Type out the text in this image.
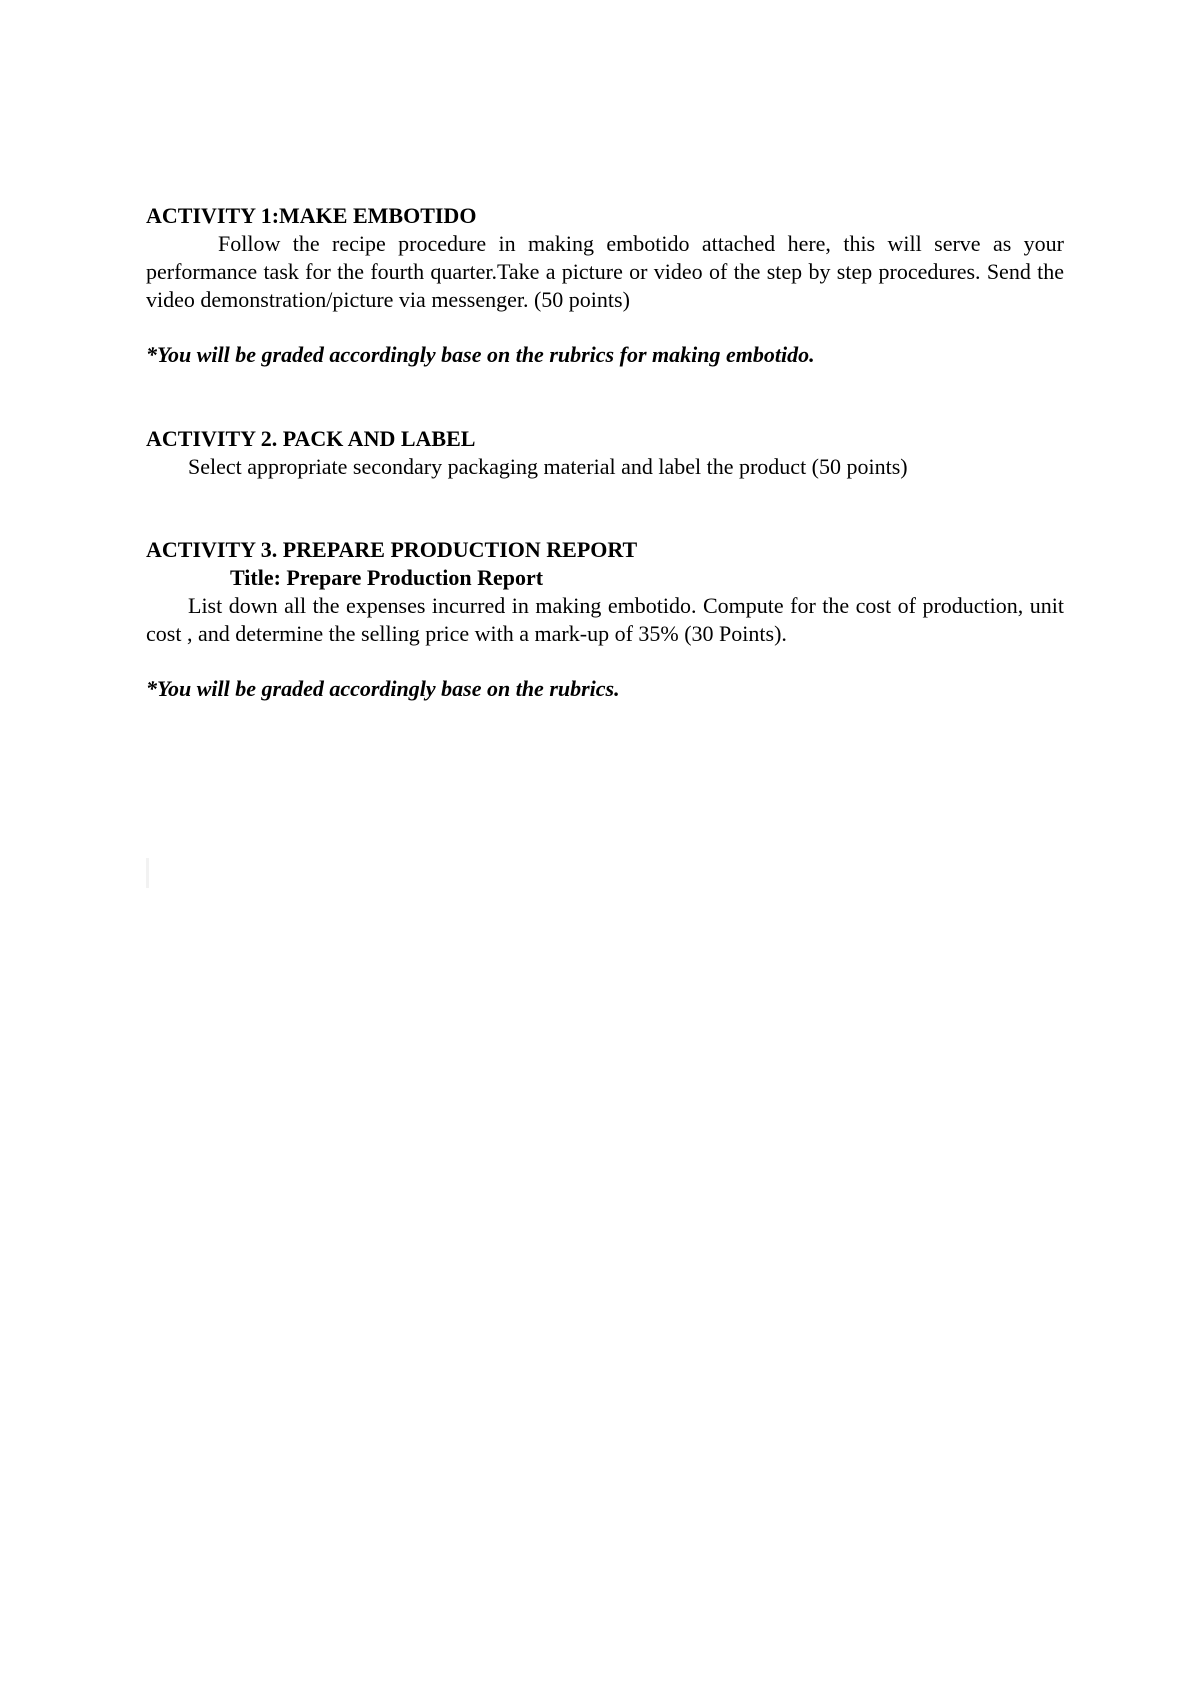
ACTIVITY 1:MAKE EMBOTIDO

Follow the recipe procedure in making embotido attached here, this will serve as your performance task for the fourth quarter.Take a picture or video of the step by step procedures. Send the video demonstration/picture via messenger. (50 points)

*You will be graded accordingly base on the rubrics for making embotido.

ACTIVITY 2. PACK AND LABEL

Select appropriate secondary packaging material and label the product (50 points)

ACTIVITY 3. PREPARE PRODUCTION REPORT

Title: Prepare Production Report

List down all the expenses incurred in making embotido. Compute for the cost of production, unit cost , and determine the selling price with a mark-up of 35% (30 Points).

*You will be graded accordingly base on the rubrics.
